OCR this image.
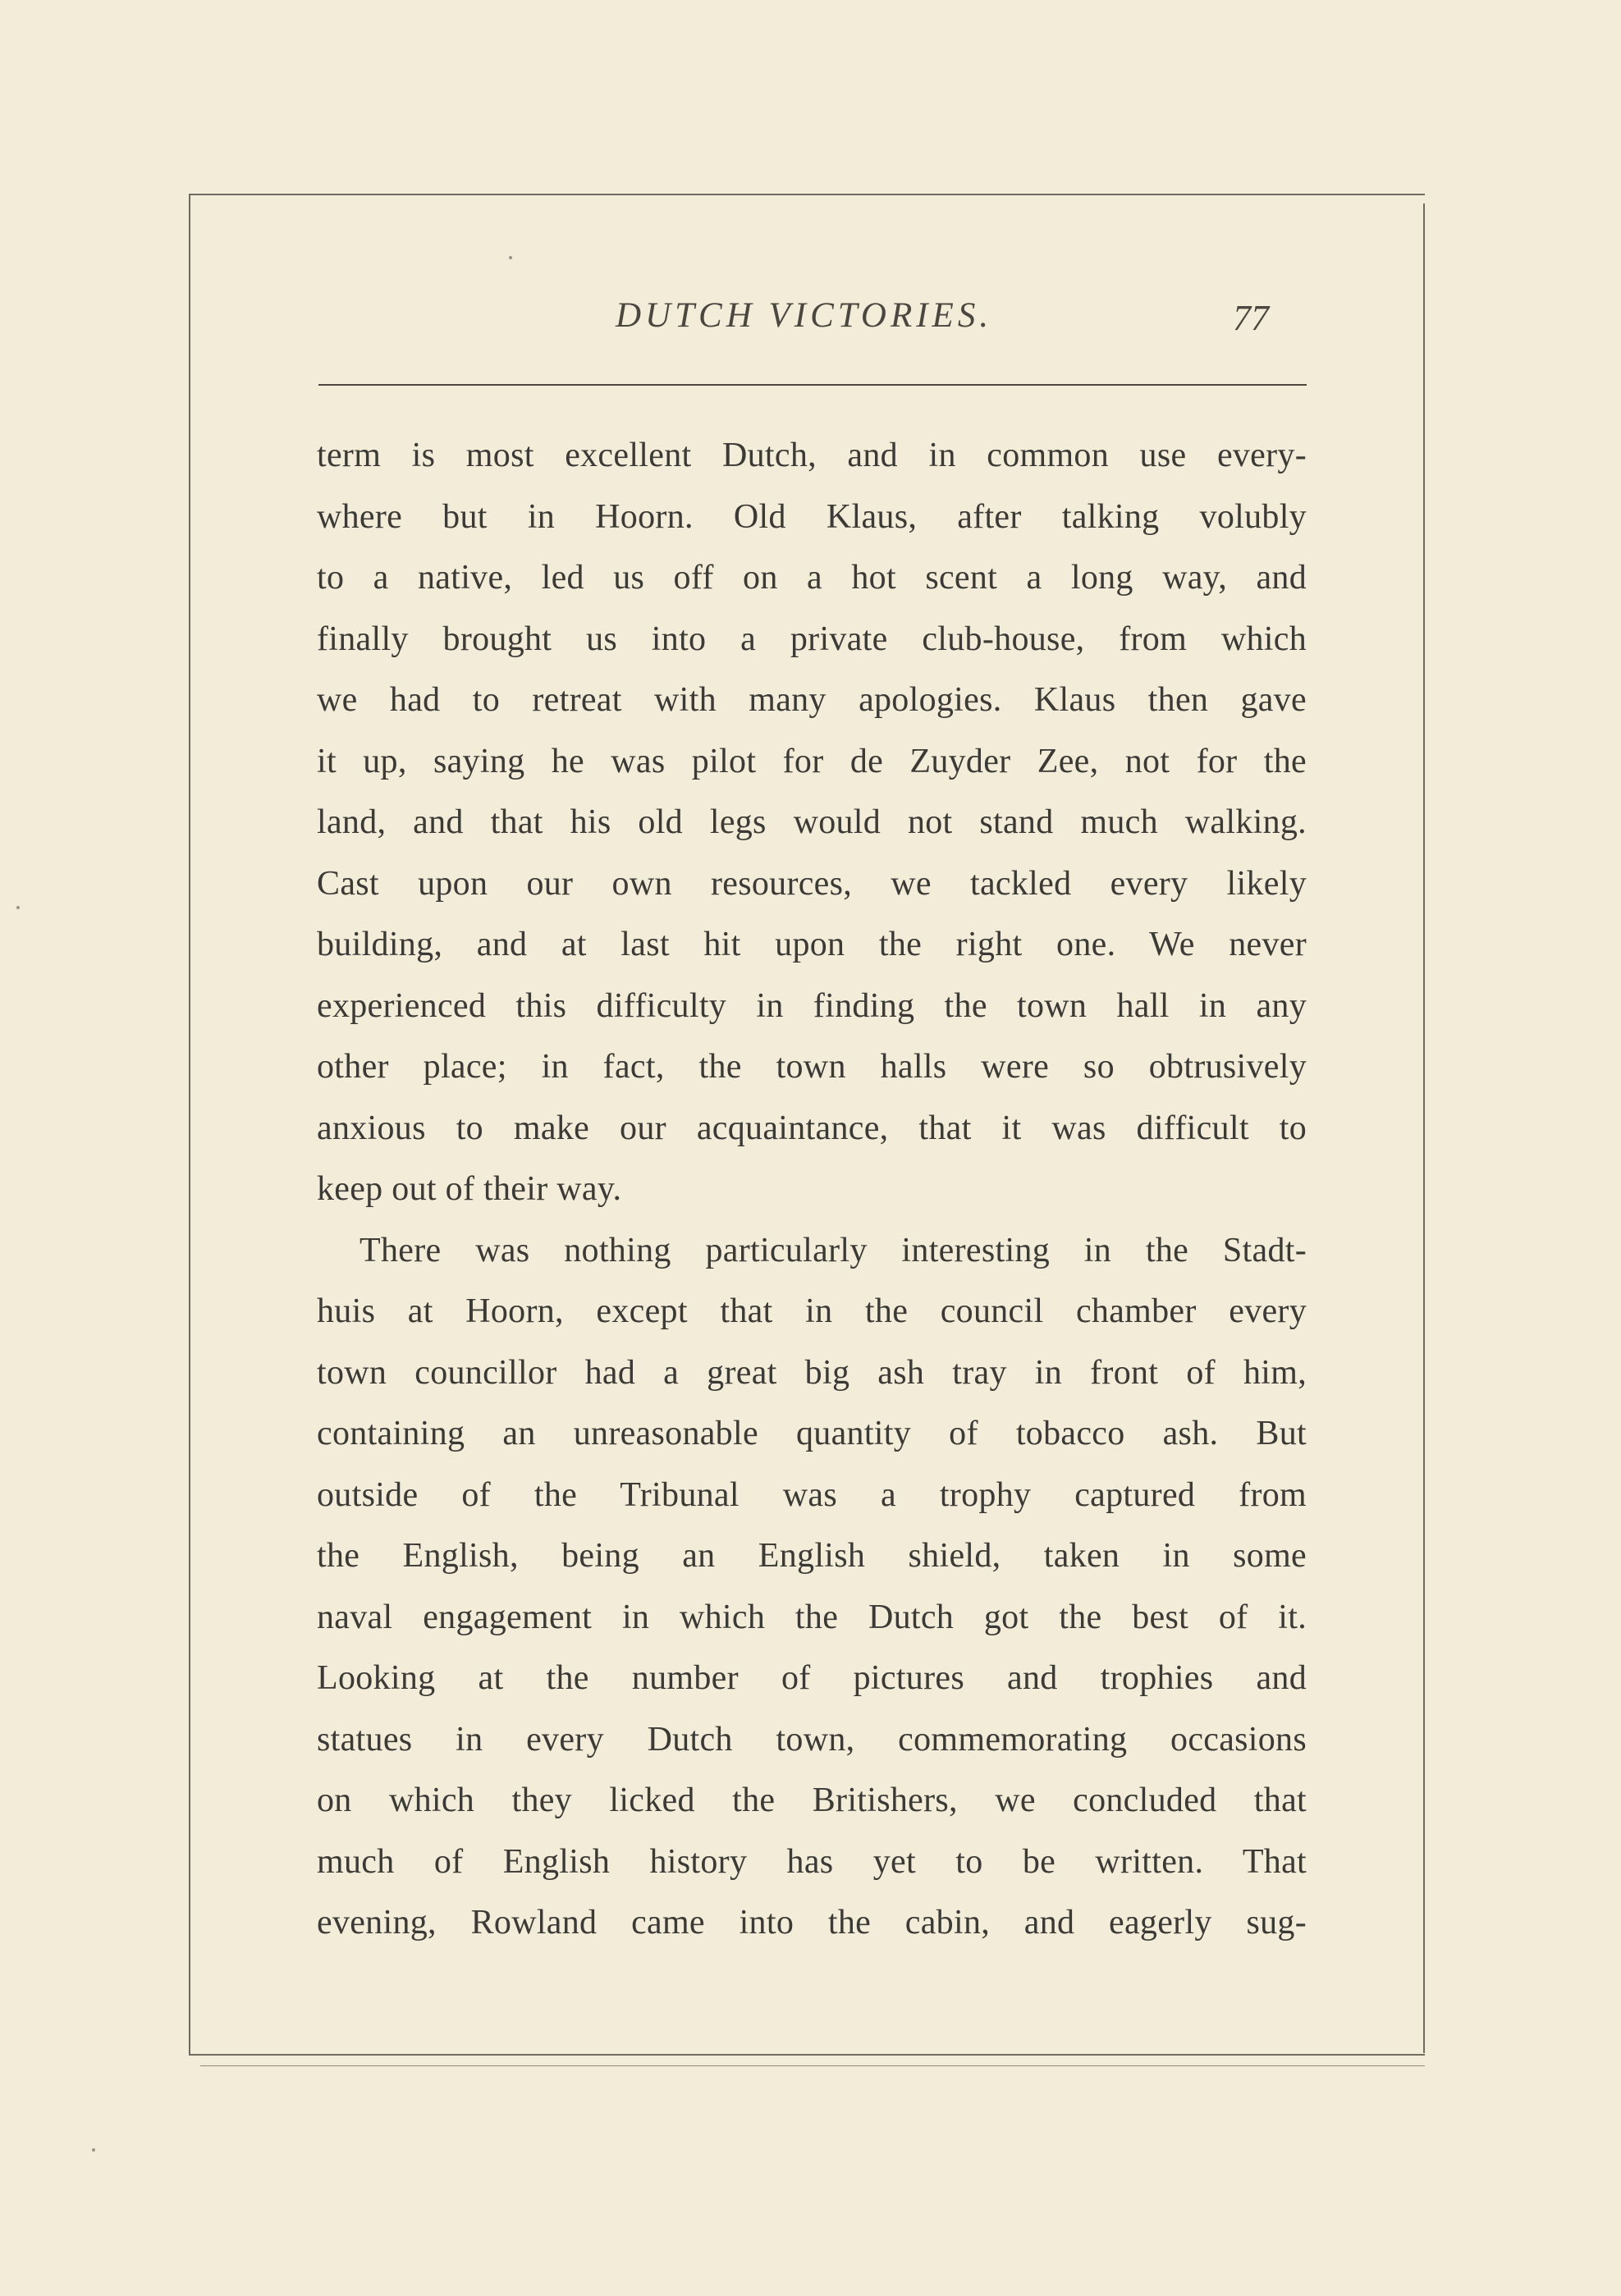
DUTCH VICTORIES.	77
term is most excellent Dutch, and in common use every-
where but in Hoorn. Old Klaus, after talking volubly
to a native, led us off on a hot scent a long way, and
finally brought us into a private club-house, from which
we had to retreat with many apologies. Klaus then gave
it up, saying he was pilot for de Zuyder Zee, not for the
land, and that his old legs would not stand much walking.
Cast upon our own resources, we tackled every likely
building, and at last hit upon the right one. We never
experienced this difficulty in finding the town hall in any
other place; in fact, the town halls were so obtrusively
anxious to make our acquaintance, that it was difficult to
keep out of their way.
There was nothing particularly interesting in the Stadt-
huis at Hoorn, except that in the council chamber every
town councillor had a great big ash tray in front of him,
containing an unreasonable quantity of tobacco ash. But
outside of the Tribunal was a trophy captured from
the English, being an English shield, taken in some
naval engagement in which the Dutch got the best of it.
Looking at the number of pictures and trophies and
statues in every Dutch town, commemorating occasions
on which they licked the Britishers, we concluded that
much of English history has yet to be written. That
evening, Rowland came into the cabin, and eagerly sug-
